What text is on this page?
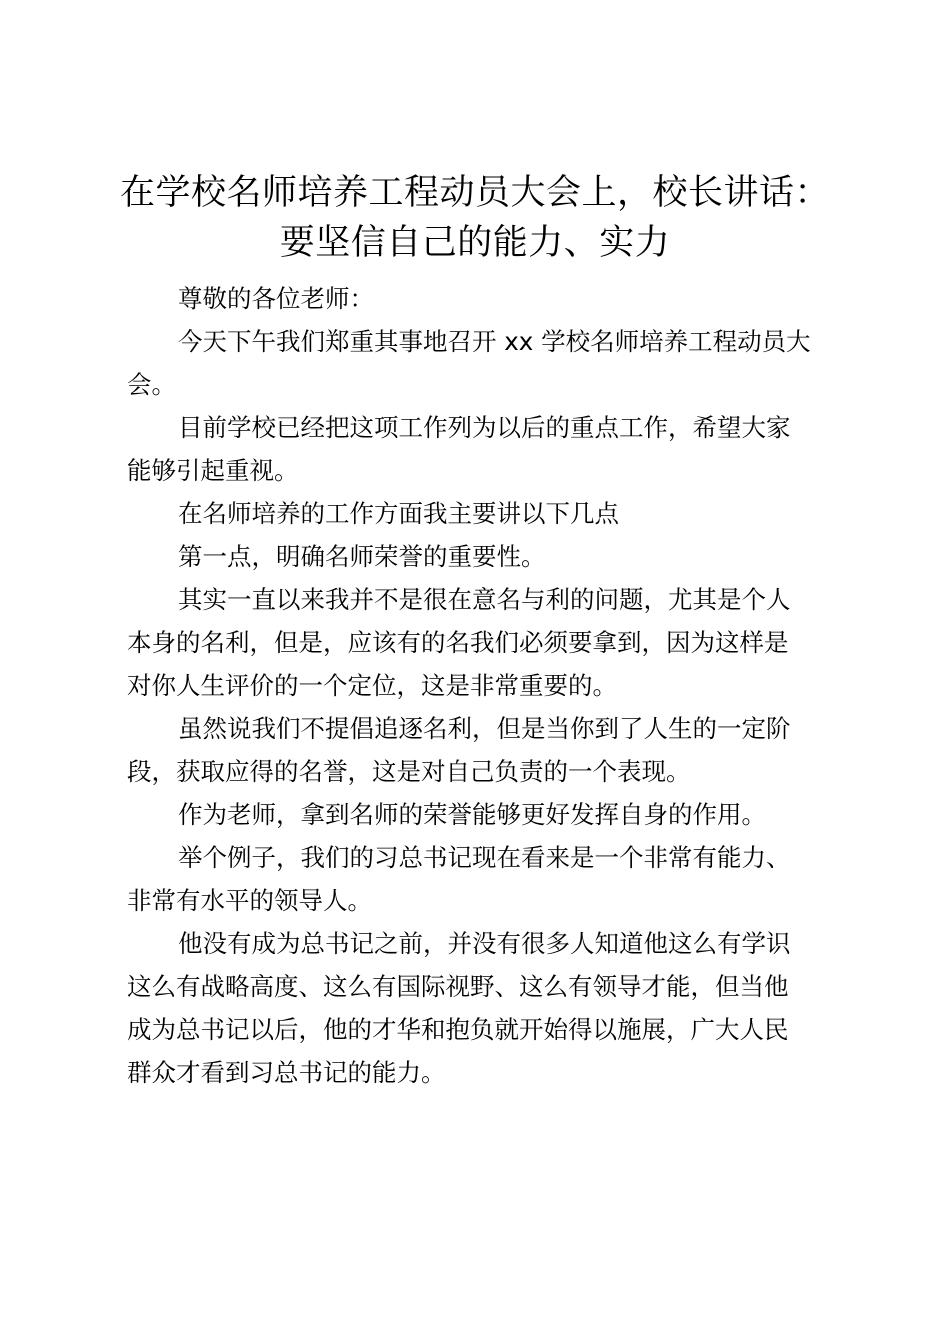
在学校名师培养工程动员大会上，校长讲话：
要坚信自己的能力、实力

尊敬的各位老师：

今天下午我们郑重其事地召开 xx 学校名师培养工程动员大
会。

目前学校已经把这项工作列为以后的重点工作，希望大家
能够引起重视。

在名师培养的工作方面我主要讲以下几点

第一点，明确名师荣誉的重要性。

其实一直以来我并不是很在意名与利的问题，尤其是个人
本身的名利，但是，应该有的名我们必须要拿到，因为这样是
对你人生评价的一个定位，这是非常重要的。

虽然说我们不提倡追逐名利，但是当你到了人生的一定阶
段，获取应得的名誉，这是对自己负责的一个表现。

作为老师，拿到名师的荣誉能够更好发挥自身的作用。

举个例子，我们的习总书记现在看来是一个非常有能力、
非常有水平的领导人。

他没有成为总书记之前，并没有很多人知道他这么有学识
这么有战略高度、这么有国际视野、这么有领导才能，但当他
成为总书记以后，他的才华和抱负就开始得以施展，广大人民
群众才看到习总书记的能力。
